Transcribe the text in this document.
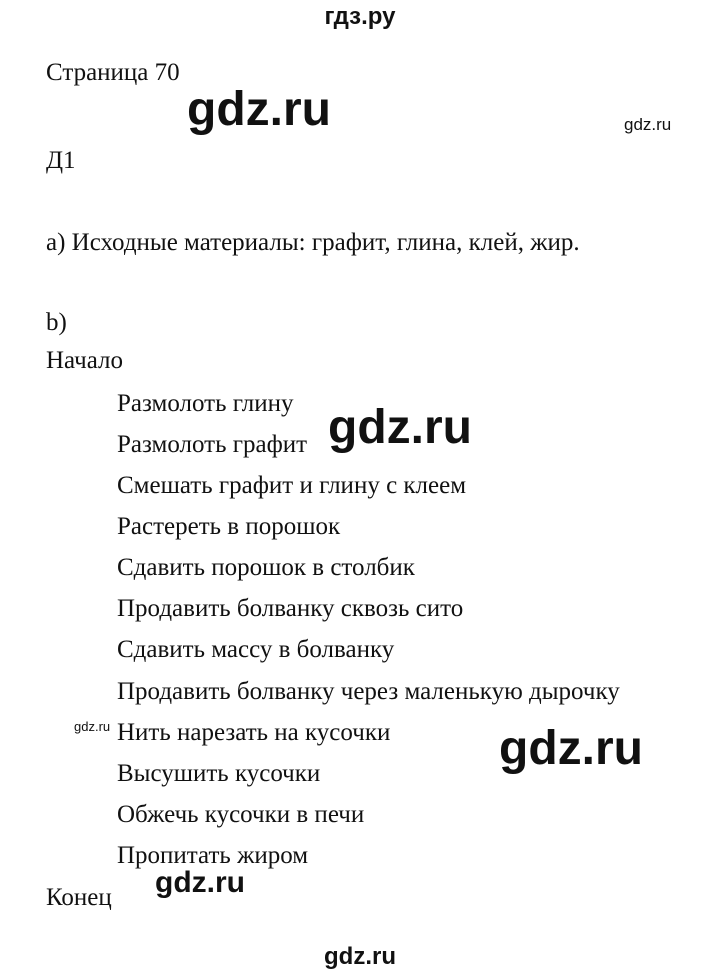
гдз.ру
gdz.ru	gdz.ru
gdz.ru
gdz.ru	gdz.ru
gdz.ru
gdz.ru
Страница 70
Д1
а) Исходные материалы: графит, глина, клей, жир.
b)
Начало
Размолоть глину
Размолоть графит
Смешать графит и глину с клеем
Растереть в порошок
Сдавить порошок в столбик
Продавить болванку сквозь сито
Сдавить массу в болванку
Продавить болванку через маленькую дырочку
Нить нарезать на кусочки
Высушить кусочки
Обжечь кусочки в печи
Пропитать жиром
Конец
